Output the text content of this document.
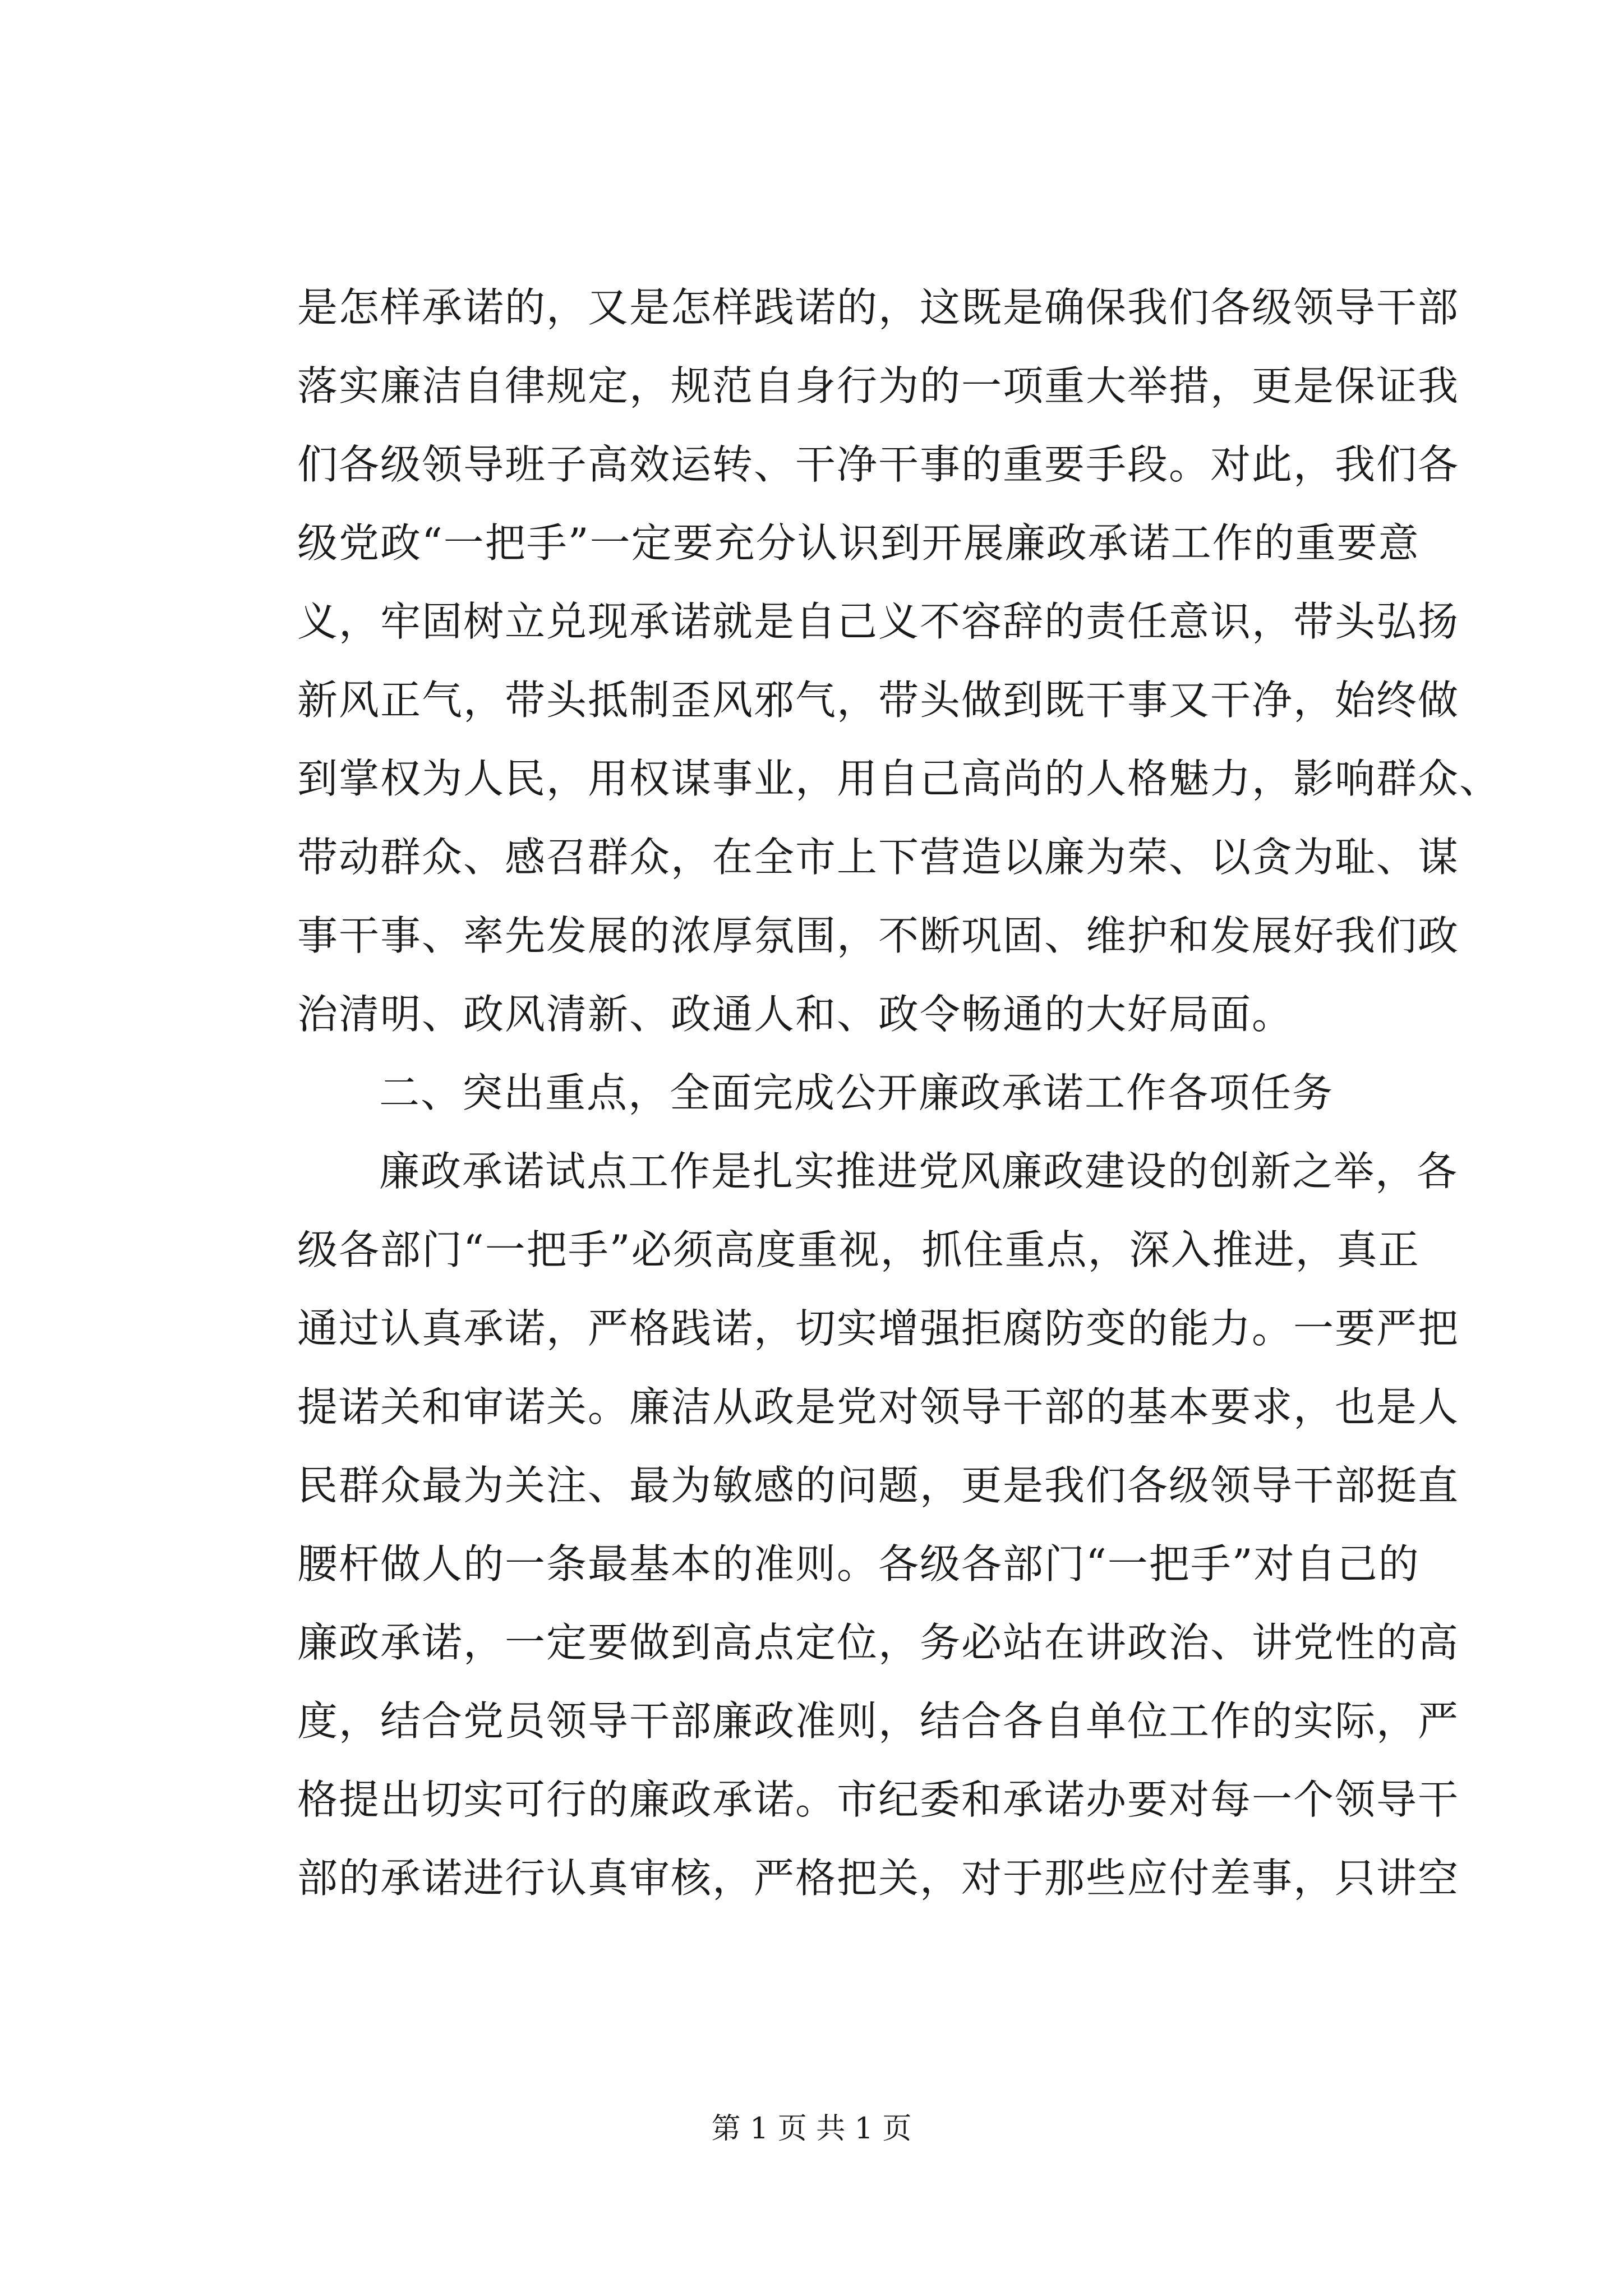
是怎样承诺的，又是怎样践诺的，这既是确保我们各级领导干部
落实廉洁自律规定，规范自身行为的一项重大举措，更是保证我
们各级领导班子高效运转、干净干事的重要手段。对此，我们各
级党政“一把手”一定要充分认识到开展廉政承诺工作的重要意
义，牢固树立兑现承诺就是自己义不容辞的责任意识，带头弘扬
新风正气，带头抵制歪风邪气，带头做到既干事又干净，始终做
到掌权为人民，用权谋事业，用自己高尚的人格魅力，影响群众、
带动群众、感召群众，在全市上下营造以廉为荣、以贪为耻、谋
事干事、率先发展的浓厚氛围，不断巩固、维护和发展好我们政
治清明、政风清新、政通人和、政令畅通的大好局面。
二、突出重点，全面完成公开廉政承诺工作各项任务
廉政承诺试点工作是扎实推进党风廉政建设的创新之举，各
级各部门“一把手”必须高度重视，抓住重点，深入推进，真正
通过认真承诺，严格践诺，切实增强拒腐防变的能力。一要严把
提诺关和审诺关。廉洁从政是党对领导干部的基本要求，也是人
民群众最为关注、最为敏感的问题，更是我们各级领导干部挺直
腰杆做人的一条最基本的准则。各级各部门“一把手”对自己的
廉政承诺，一定要做到高点定位，务必站在讲政治、讲党性的高
度，结合党员领导干部廉政准则，结合各自单位工作的实际，严
格提出切实可行的廉政承诺。市纪委和承诺办要对每一个领导干
部的承诺进行认真审核，严格把关，对于那些应付差事，只讲空
第 1 页 共 1 页
